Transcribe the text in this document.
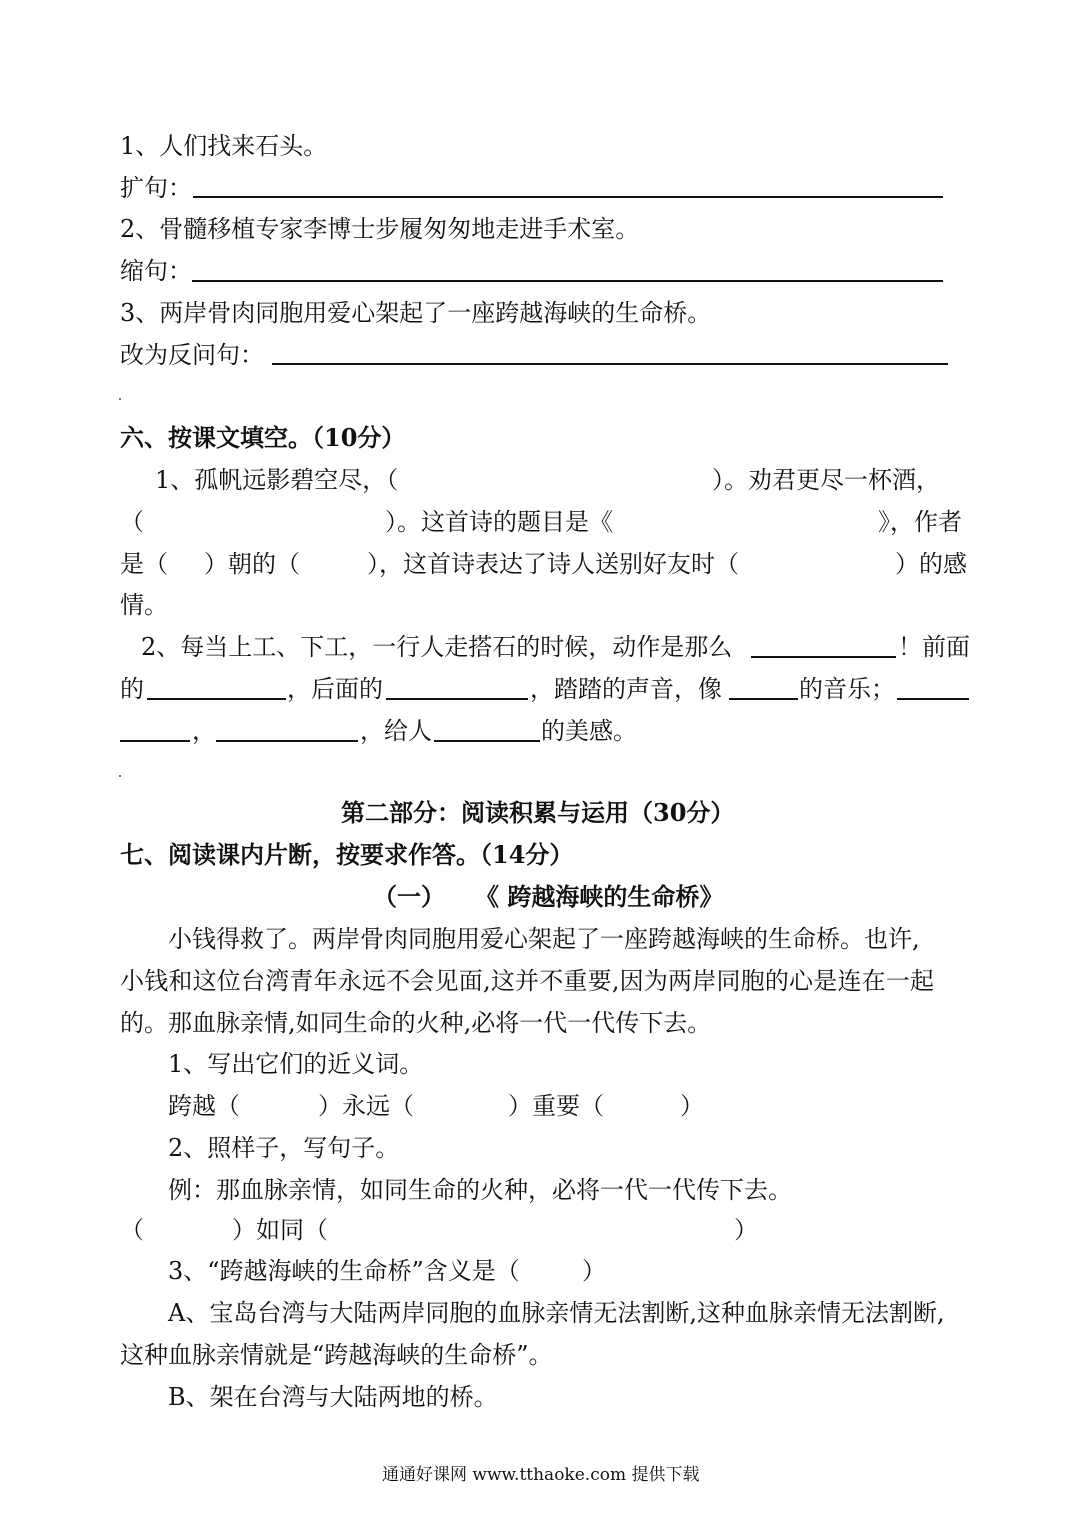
1、人们找来石头。
扩句：
2、骨髓移植专家李博士步履匆匆地走进手术室。
缩句：
3、两岸骨肉同胞用爱心架起了一座跨越海峡的生命桥。
改为反问句：
六、按课文填空。（10分）
1、孤帆远影碧空尽，（	）。劝君更尽一杯酒，
（	）。这首诗的题目是《	》，作者
是（ ）朝的（	），这首诗表达了诗人送别好友时（	）的感
情。
2、每当上工、下工，一行人走搭石的时候，动作是那么	！前面
的	，后面的	，踏踏的声音，像	的音乐；
，	，给人	的美感。
第二部分：阅读积累与运用（30分）
七、阅读课内片断，按要求作答。（14分）
（一） 《 跨越海峡的生命桥》
小钱得救了。两岸骨肉同胞用爱心架起了一座跨越海峡的生命桥。也许,
小钱和这位台湾青年永远不会见面,这并不重要,因为两岸同胞的心是连在一起
的。那血脉亲情,如同生命的火种,必将一代一代传下去。
1、写出它们的近义词。
跨越（	）永远（	）重要（	）
2、照样子，写句子。
例：那血脉亲情，如同生命的火种，必将一代一代传下去。
（	）如同（	）
3、“跨越海峡的生命桥”含义是（	）
A、宝岛台湾与大陆两岸同胞的血脉亲情无法割断,这种血脉亲情无法割断,
这种血脉亲情就是“跨越海峡的生命桥”。
B、架在台湾与大陆两地的桥。
通通好课网 www.tthaoke.com 提供下载
